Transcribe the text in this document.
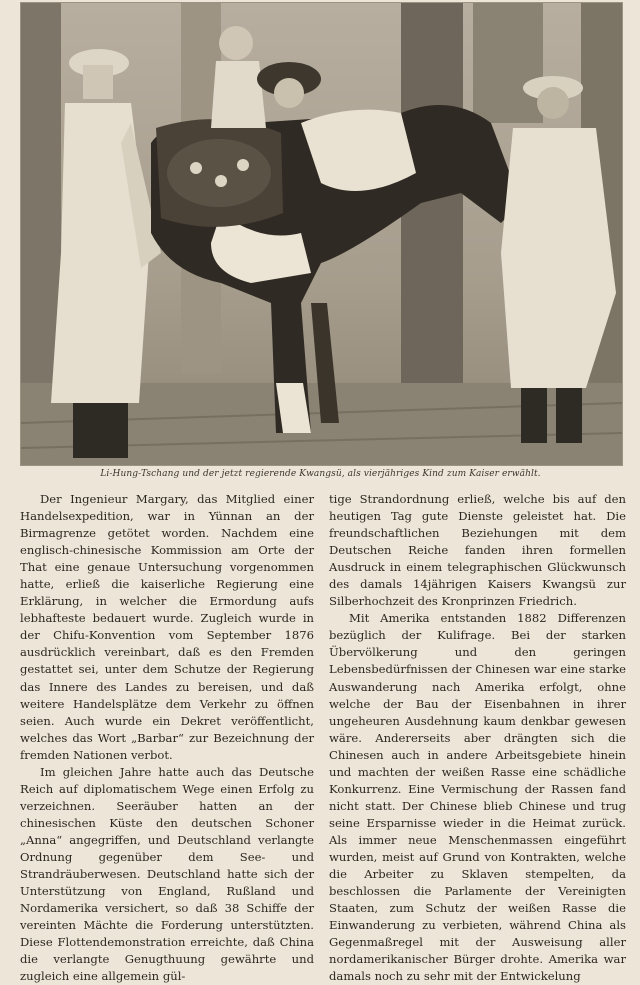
Li-Hung-Tschang und der jetzt regierende Kwangsü, als vierjähriges Kind zum Kaiser erwählt.

Der Ingenieur Margary, das Mitglied einer Handelsexpedition, war in Yünnan an der Birmagrenze getötet worden. Nachdem eine englisch-chinesische Kommission am Orte der That eine genaue Untersuchung vorgenommen hatte, erließ die kaiserliche Regierung eine Erklärung, in welcher die Ermordung aufs lebhafteste bedauert wurde. Zugleich wurde in der Chifu-Konvention vom September 1876 ausdrücklich vereinbart, daß es den Fremden gestattet sei, unter dem Schutze der Regierung das Innere des Landes zu bereisen, und daß weitere Handelsplätze dem Verkehr zu öffnen seien. Auch wurde ein Dekret veröffentlicht, welches das Wort „Barbar“ zur Bezeichnung der fremden Nationen verbot.

Im gleichen Jahre hatte auch das Deutsche Reich auf diplomatischem Wege einen Erfolg zu verzeichnen. Seeräuber hatten an der chinesischen Küste den deutschen Schoner „Anna“ angegriffen, und Deutschland verlangte Ordnung gegenüber dem See- und Strandräuberwesen. Deutschland hatte sich der Unterstützung von England, Rußland und Nordamerika versichert, so daß 38 Schiffe der vereinten Mächte die Forderung unterstützten. Diese Flottendemonstration erreichte, daß China die verlangte Genugthuung gewährte und zugleich eine allgemein gül-

tige Strandordnung erließ, welche bis auf den heutigen Tag gute Dienste geleistet hat. Die freundschaftlichen Beziehungen mit dem Deutschen Reiche fanden ihren formellen Ausdruck in einem telegraphischen Glückwunsch des damals 14jährigen Kaisers Kwangsü zur Silberhochzeit des Kronprinzen Friedrich.

Mit Amerika entstanden 1882 Differenzen bezüglich der Kulifrage. Bei der starken Übervölkerung und den geringen Lebensbedürfnissen der Chinesen war eine starke Auswanderung nach Amerika erfolgt, ohne welche der Bau der Eisenbahnen in ihrer ungeheuren Ausdehnung kaum denkbar gewesen wäre. Andererseits aber drängten sich die Chinesen auch in andere Arbeitsgebiete hinein und machten der weißen Rasse eine schädliche Konkurrenz. Eine Vermischung der Rassen fand nicht statt. Der Chinese blieb Chinese und trug seine Ersparnisse wieder in die Heimat zurück. Als immer neue Menschenmassen eingeführt wurden, meist auf Grund von Kontrakten, welche die Arbeiter zu Sklaven stempelten, da beschlossen die Parlamente der Vereinigten Staaten, zum Schutz der weißen Rasse die Einwanderung zu verbieten, während China als Gegenmaßregel mit der Ausweisung aller nordamerikanischer Bürger drohte. Amerika war damals noch zu sehr mit der Entwickelung
